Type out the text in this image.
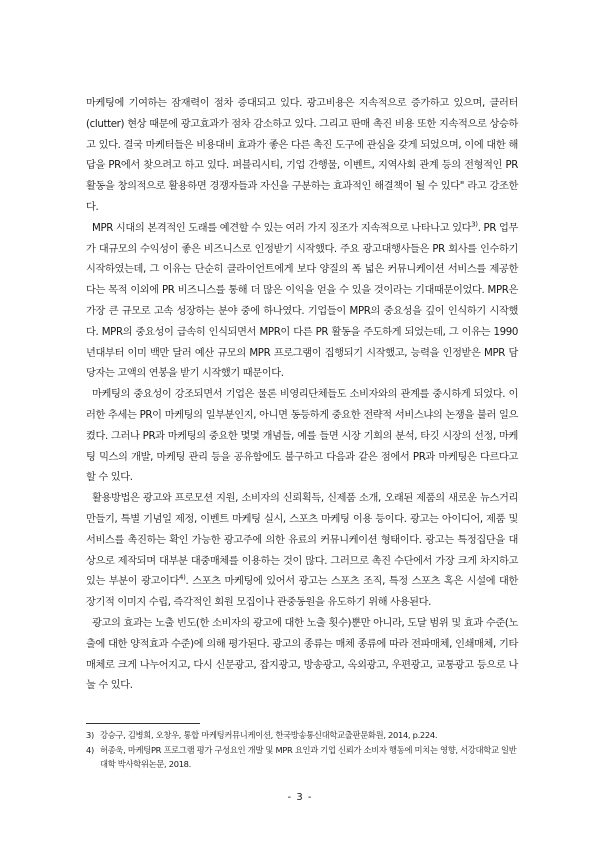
마케팅에 기여하는 잠재력이 점차 증대되고 있다. 광고비용은 지속적으로 증가하고 있으며, 클러터(clutter) 현상 때문에 광고효과가 점차 감소하고 있다. 그리고 판매 촉진 비용 또한 지속적으로 상승하고 있다. 결국 마케터들은 비용대비 효과가 좋은 다른 촉진 도구에 관심을 갖게 되었으며, 이에 대한 해답을 PR에서 찾으려고 하고 있다. 퍼블리시티, 기업 간행물, 이벤트, 지역사회 관계 등의 전형적인 PR 활동을 창의적으로 활용하면 경쟁자들과 자신을 구분하는 효과적인 해결책이 될 수 있다" 라고 강조한다.

MPR 시대의 본격적인 도래를 예견할 수 있는 여러 가지 징조가 지속적으로 나타나고 있다$^{3)}$. PR 업무가 대규모의 수익성이 좋은 비즈니스로 인정받기 시작했다. 주요 광고대행사들은 PR 회사를 인수하기 시작하였는데, 그 이유는 단순히 클라이언트에게 보다 양질의 폭 넓은 커뮤니케이션 서비스를 제공한다는 목적 이외에 PR 비즈니스를 통해 더 많은 이익을 얻을 수 있을 것이라는 기대때문이었다. MPR은 가장 큰 규모로 고속 성장하는 분야 중에 하나였다. 기업들이 MPR의 중요성을 깊이 인식하기 시작했다. MPR의 중요성이 급속히 인식되면서 MPR이 다른 PR 활동을 주도하게 되었는데, 그 이유는 1990년대부터 이미 백만 달러 예산 규모의 MPR 프로그램이 집행되기 시작했고, 능력을 인정받은 MPR 담당자는 고액의 연봉을 받기 시작했기 때문이다.

마케팅의 중요성이 강조되면서 기업은 물론 비영리단체들도 소비자와의 관계를 중시하게 되었다. 이러한 추세는 PR이 마케팅의 일부분인지, 아니면 동등하게 중요한 전략적 서비스냐의 논쟁을 불러 일으켰다. 그러나 PR과 마케팅의 중요한 몇몇 개념들, 예를 들면 시장 기회의 분석, 타깃 시장의 선정, 마케팅 믹스의 개발, 마케팅 관리 등을 공유함에도 불구하고 다음과 같은 점에서 PR과 마케팅은 다르다고 할 수 있다.

활용방법은 광고와 프로모션 지원, 소비자의 신뢰획득, 신제품 소개, 오래된 제품의 새로운 뉴스거리 만들기, 특별 기념일 제정, 이벤트 마케팅 실시, 스포츠 마케팅 이용 등이다. 광고는 아이디어, 제품 및 서비스를 촉진하는 확인 가능한 광고주에 의한 유료의 커뮤니케이션 형태이다. 광고는 특정집단을 대상으로 제작되며 대부분 대중매체를 이용하는 것이 많다. 그러므로 촉진 수단에서 가장 크게 차지하고 있는 부분이 광고이다$^{4)}$. 스포츠 마케팅에 있어서 광고는 스포츠 조직, 특정 스포츠 혹은 시설에 대한 장기적 이미지 수립, 즉각적인 회원 모집이나 관중동원을 유도하기 위해 사용된다.

광고의 효과는 노출 빈도(한 소비자의 광고에 대한 노출 횟수)뿐만 아니라, 도달 범위 및 효과 수준(노출에 대한 양적효과 수준)에 의해 평가된다. 광고의 종류는 매체 종류에 따라 전파매체, 인쇄매체, 기타 매체로 크게 나누어지고, 다시 신문광고, 잡지광고, 방송광고, 옥외광고, 우편광고, 교통광고 등으로 나눌 수 있다.

3) 강승구, 김병희, 오창우, 통합 마케팅커뮤니케이션, 한국방송통신대학교출판문화원, 2014, p.224.
4) 허종욱, 마케팅PR 프로그램 평가 구성요인 개발 및 MPR 요인과 기업 신뢰가 소비자 행동에 미치는 영향, 서강대학교 일반대학 박사학위논문, 2018.
- 3 -
